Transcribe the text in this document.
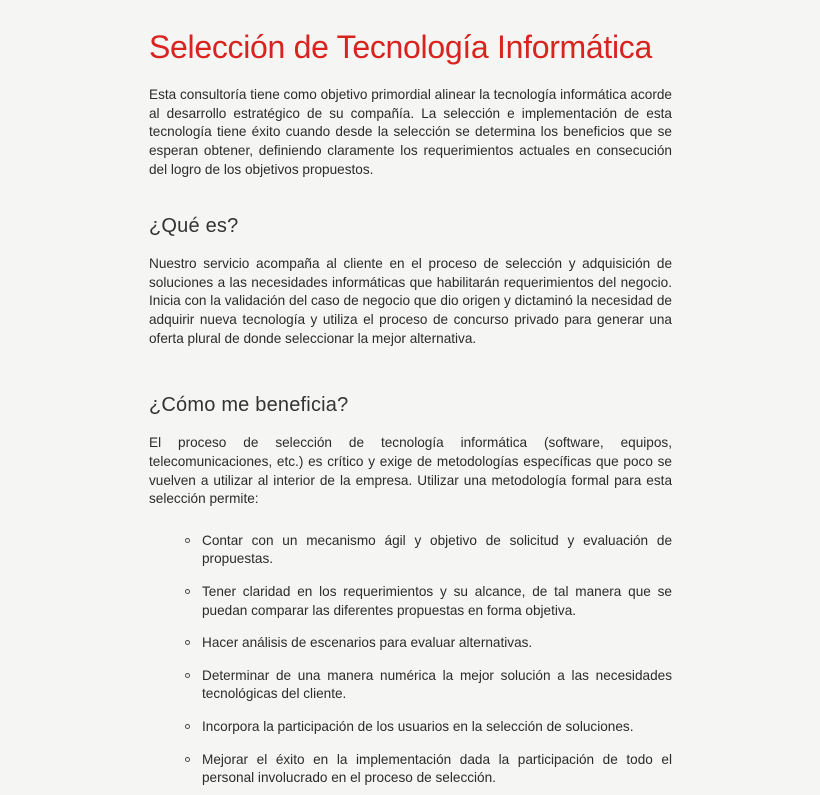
Selección de Tecnología Informática

Esta consultoría tiene como objetivo primordial alinear la tecnología informática acorde al desarrollo estratégico de su compañía. La selección e implementación de esta tecnología tiene éxito cuando desde la selección se determina los beneficios que se esperan obtener, definiendo claramente los requerimientos actuales en consecución del logro de los objetivos propuestos.

¿Qué es?

Nuestro servicio acompaña al cliente en el proceso de selección y adquisición de soluciones a las necesidades informáticas que habilitarán requerimientos del negocio. Inicia con la validación del caso de negocio que dio origen y dictaminó la necesidad de adquirir nueva tecnología y utiliza el proceso de concurso privado para generar una oferta plural de donde seleccionar la mejor alternativa.

¿Cómo me beneficia?

El proceso de selección de tecnología informática (software, equipos, telecomunicaciones, etc.) es crítico y exige de metodologías específicas que poco se vuelven a utilizar al interior de la empresa. Utilizar una metodología formal para esta selección permite:

Contar con un mecanismo ágil y objetivo de solicitud y evaluación de propuestas.
Tener claridad en los requerimientos y su alcance, de tal manera que se puedan comparar las diferentes propuestas en forma objetiva.
Hacer análisis de escenarios para evaluar alternativas.
Determinar de una manera numérica la mejor solución a las necesidades tecnológicas del cliente.
Incorpora la participación de los usuarios en la selección de soluciones.
Mejorar el éxito en la implementación dada la participación de todo el personal involucrado en el proceso de selección.
